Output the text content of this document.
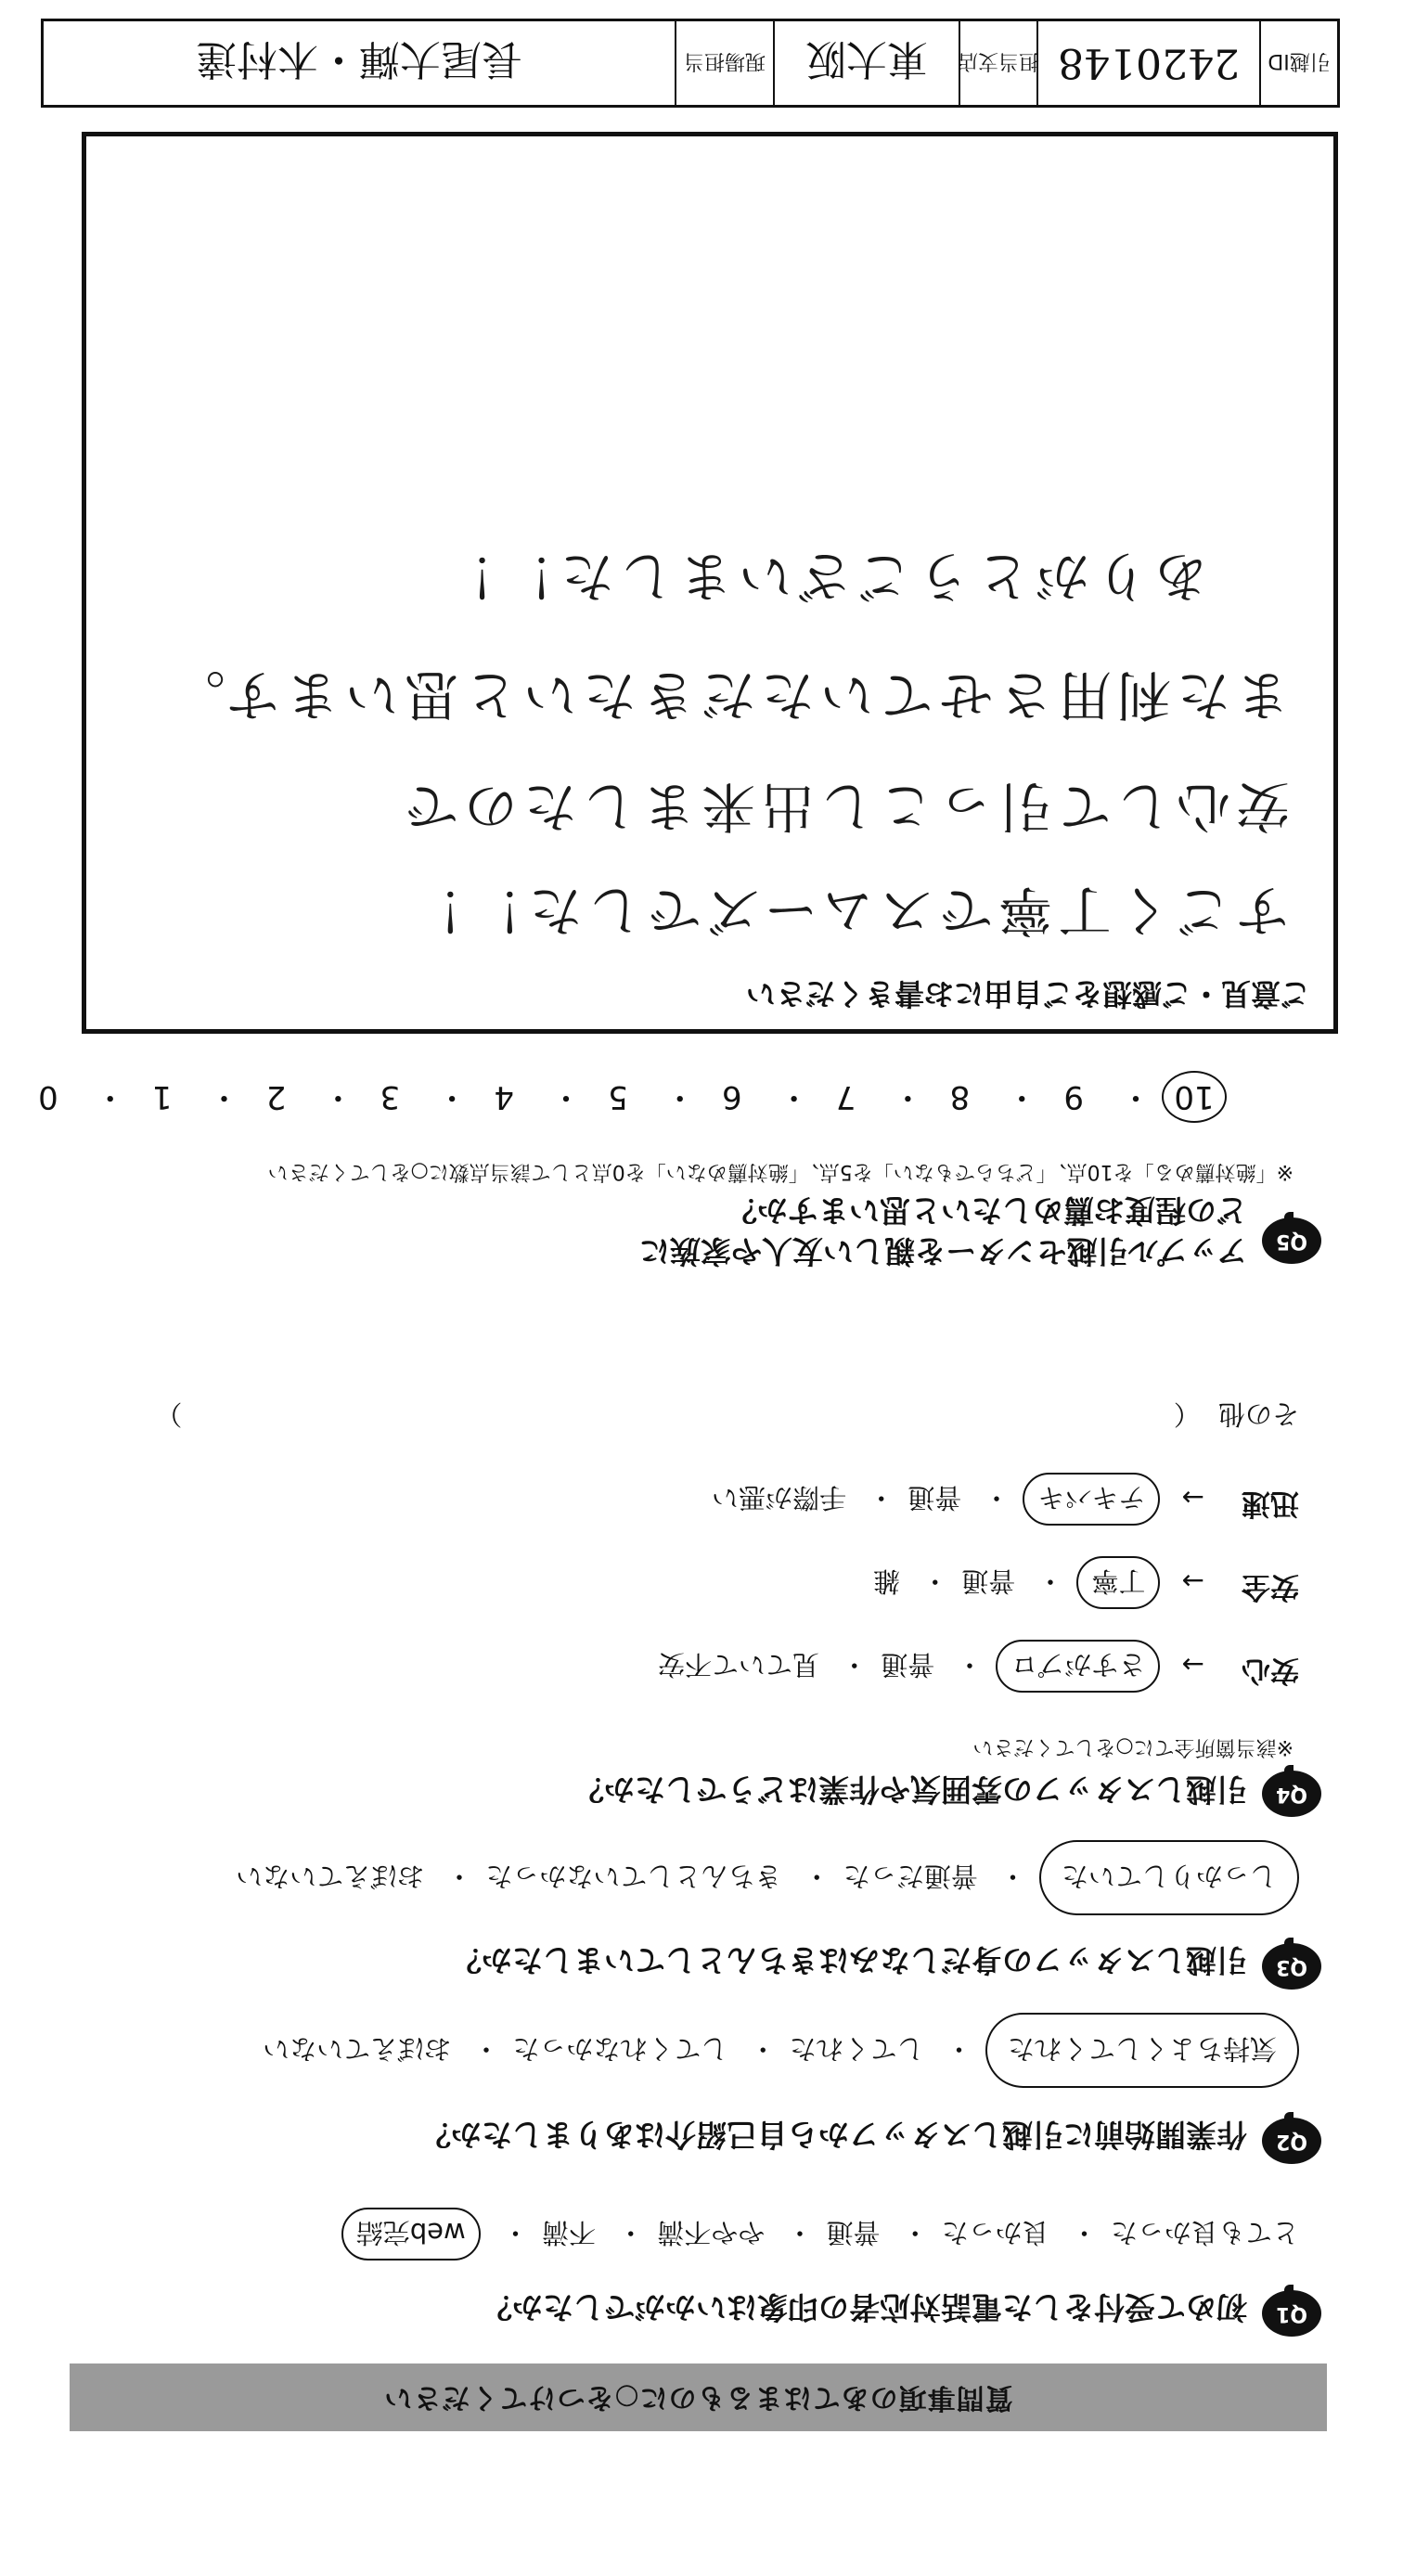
質問事項のあてはまるものに○をつけてください
Q1
初めて受付をした電話対応者の印象はいかがでしたか？
とても良かった・ 良かった・ 普通・ やや不満・ 不満・ web完結
Q2
作業開始前に引越しスタッフから自己紹介はありましたか？
気持ちよくしてくれた・ してくれた・ してくれなかった・ おぼえていない
Q3
引越しスタッフの身だしなみはきちんとしていましたか？
しっかりしていた・ 普通だった・ きちんとしていなかった・ おぼえていない
Q4
引越しスタッフの雰囲気や作業はどうでしたか？
※該当箇所全てに○をしてください
安心
→ さすがプロ・ 普通・ 見ていて不安
安全
→ 丁寧・ 普通・ 雑
迅速
→ テキパキ・ 普通・ 手際が悪い
その他 （  ）
Q5
アップル引越センターを親しい友人や家族に
どの程度お薦めしたいと思いますか？
※「絶対薦める」を10点、「どちらでもない」を5点、「絶対薦めない」を0点として該当点数に○をしてください
10・ 9・ 8・ 7・ 6・ 5・ 4・ 3・ 2・ 1・ 0
ご意見・ご感想をご自由にお書きください
すごく丁寧でスムーズでした！！
安心して引っこし出来ましたので
また利用させていただきたいと思います。
ありがとうございました！！
引越ID
2420148
担当支店
東大阪
現場担当
長尾大輝・木村達
